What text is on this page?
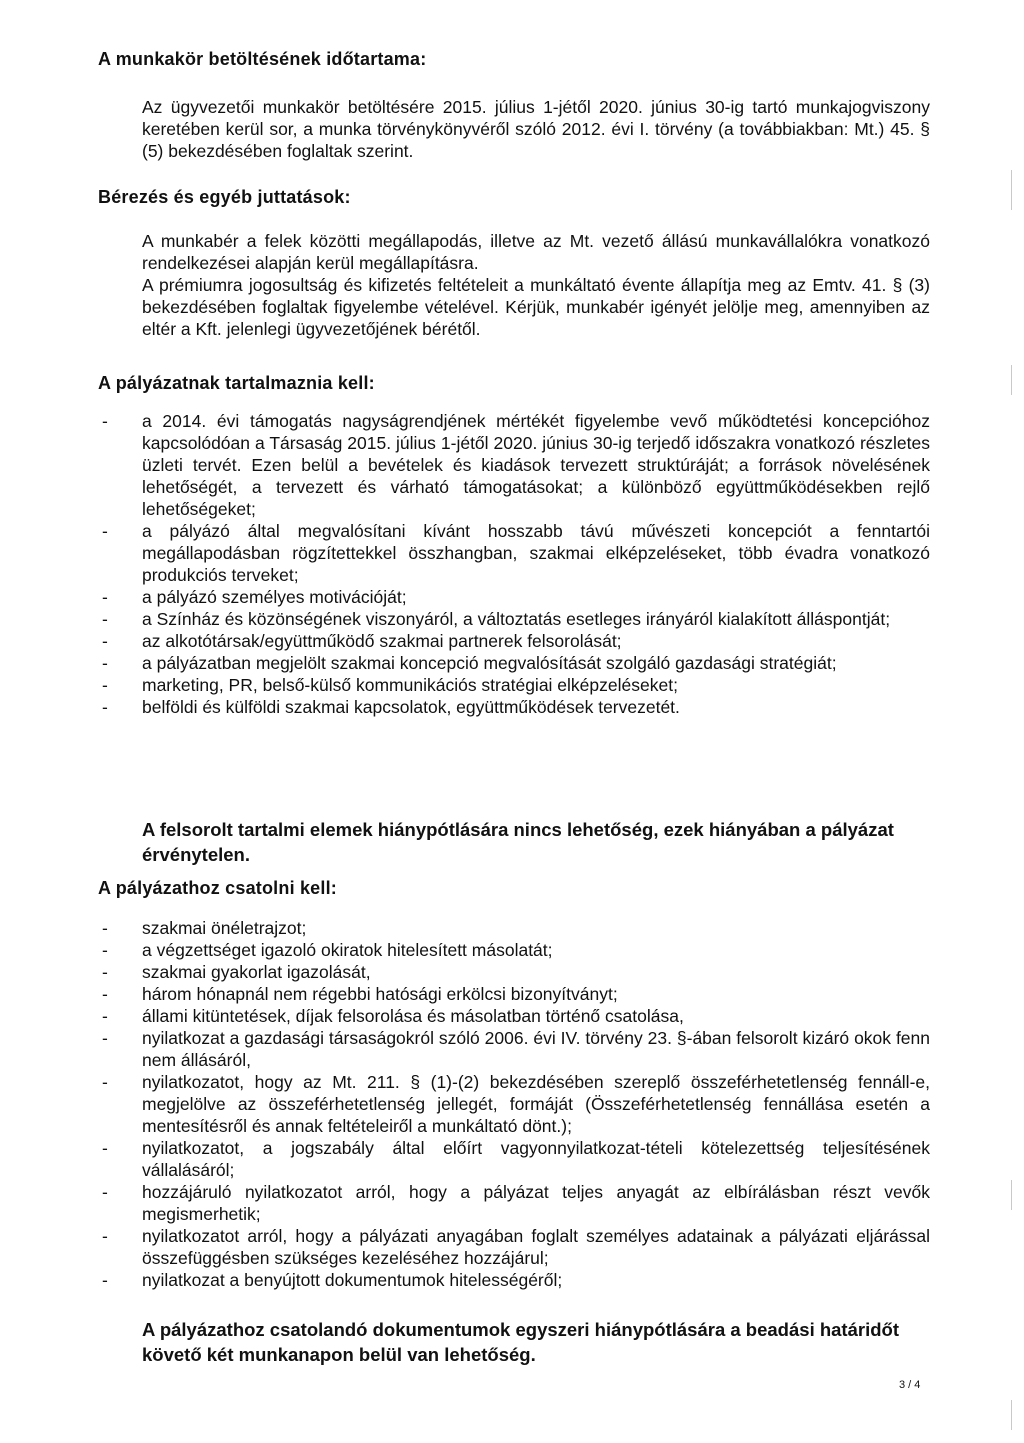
A munkakör betöltésének időtartama:

Az ügyvezetői munkakör betöltésére 2015. július 1-jétől 2020. június 30-ig tartó munkajogviszony keretében kerül sor, a munka törvénykönyvéről szóló 2012. évi I. törvény (a továbbiakban: Mt.) 45. § (5) bekezdésében foglaltak szerint.

Bérezés és egyéb juttatások:

A munkabér a felek közötti megállapodás, illetve az Mt. vezető állású munkavállalókra vonatkozó rendelkezései alapján kerül megállapításra.

A prémiumra jogosultság és kifizetés feltételeit a munkáltató évente állapítja meg az Emtv. 41. § (3) bekezdésében foglaltak figyelembe vételével. Kérjük, munkabér igényét jelölje meg, amennyiben az eltér a Kft. jelenlegi ügyvezetőjének bérétől.

A pályázatnak tartalmaznia kell:
- a 2014. évi támogatás nagyságrendjének mértékét figyelembe vevő működtetési koncepcióhoz kapcsolódóan a Társaság 2015. július 1-jétől 2020. június 30-ig terjedő időszakra vonatkozó részletes üzleti tervét. Ezen belül a bevételek és kiadások tervezett struktúráját; a források növelésének lehetőségét, a tervezett és várható támogatásokat; a különböző együttműködésekben rejlő lehetőségeket;
- a pályázó által megvalósítani kívánt hosszabb távú művészeti koncepciót a fenntartói megállapodásban rögzítettekkel összhangban, szakmai elképzeléseket, több évadra vonatkozó produkciós terveket;
- a pályázó személyes motivációját;
- a Színház és közönségének viszonyáról, a változtatás esetleges irányáról kialakított álláspontját;
- az alkotótársak/együttműködő szakmai partnerek felsorolását;
- a pályázatban megjelölt szakmai koncepció megvalósítását szolgáló gazdasági stratégiát;
- marketing, PR, belső-külső kommunikációs stratégiai elképzeléseket;
- belföldi és külföldi szakmai kapcsolatok, együttműködések tervezetét.
A felsorolt tartalmi elemek hiánypótlására nincs lehetőség, ezek hiányában a pályázat érvénytelen.
A pályázathoz csatolni kell:
- szakmai önéletrajzot;
- a végzettséget igazoló okiratok hitelesített másolatát;
- szakmai gyakorlat igazolását,
- három hónapnál nem régebbi hatósági erkölcsi bizonyítványt;
- állami kitüntetések, díjak felsorolása és másolatban történő csatolása,
- nyilatkozat a gazdasági társaságokról szóló 2006. évi IV. törvény 23. §-ában felsorolt kizáró okok fenn nem állásáról,
- nyilatkozatot, hogy az Mt. 211. § (1)-(2) bekezdésében szereplő összeférhetetlenség fennáll-e, megjelölve az összeférhetetlenség jellegét, formáját (Összeférhetetlenség fennállása esetén a mentesítésről és annak feltételeiről a munkáltató dönt.);
- nyilatkozatot, a jogszabály által előírt vagyonnyilatkozat-tételi kötelezettség teljesítésének vállalásáról;
- hozzájáruló nyilatkozatot arról, hogy a pályázat teljes anyagát az elbírálásban részt vevők megismerhetik;
- nyilatkozatot arról, hogy a pályázati anyagában foglalt személyes adatainak a pályázati eljárással összefüggésben szükséges kezeléséhez hozzájárul;
- nyilatkozat a benyújtott dokumentumok hitelességéről;
A pályázathoz csatolandó dokumentumok egyszeri hiánypótlására a beadási határidőt követő két munkanapon belül van lehetőség.
3 / 4
